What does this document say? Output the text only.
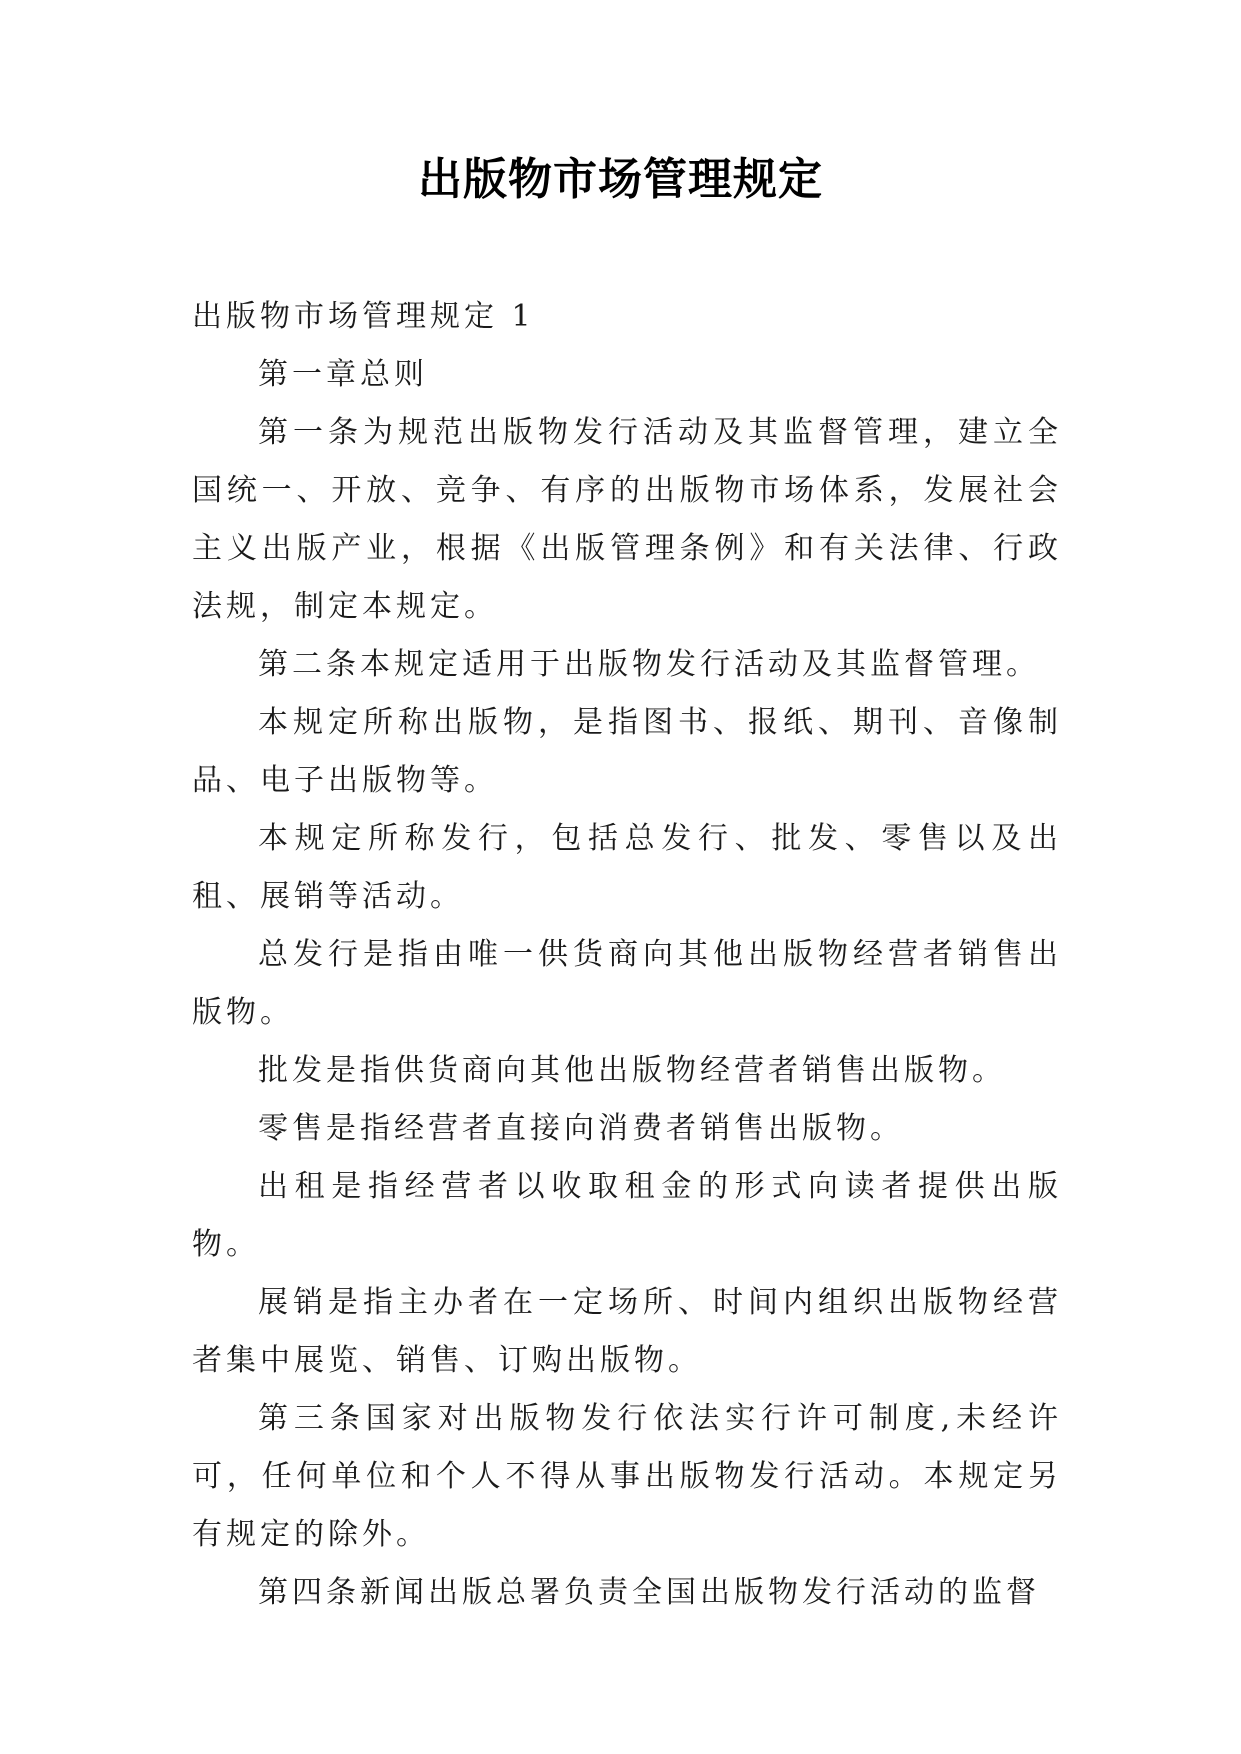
出版物市场管理规定

出版物市场管理规定 1

第一章总则

第一条为规范出版物发行活动及其监督管理，建立全国统一、开放、竞争、有序的出版物市场体系，发展社会主义出版产业，根据《出版管理条例》和有关法律、行政法规，制定本规定。

第二条本规定适用于出版物发行活动及其监督管理。

本规定所称出版物，是指图书、报纸、期刊、音像制品、电子出版物等。

本规定所称发行，包括总发行、批发、零售以及出租、展销等活动。

总发行是指由唯一供货商向其他出版物经营者销售出版物。

批发是指供货商向其他出版物经营者销售出版物。

零售是指经营者直接向消费者销售出版物。

出租是指经营者以收取租金的形式向读者提供出版物。

展销是指主办者在一定场所、时间内组织出版物经营者集中展览、销售、订购出版物。

第三条国家对出版物发行依法实行许可制度,未经许可，任何单位和个人不得从事出版物发行活动。本规定另有规定的除外。

第四条新闻出版总署负责全国出版物发行活动的监督
